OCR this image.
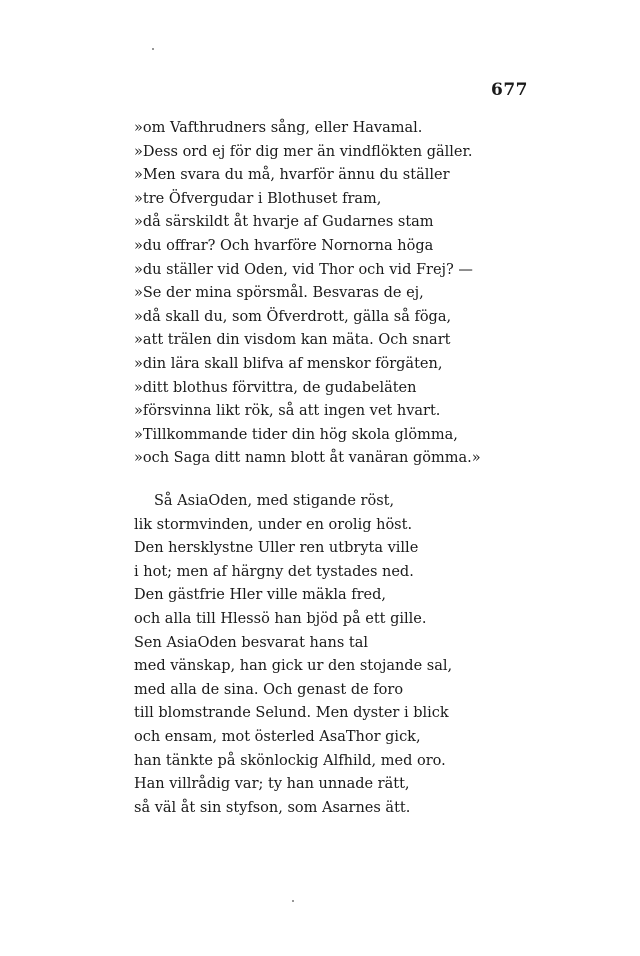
677
»om Vafthrudners sång, eller Havamal.
»Dess ord ej för dig mer än vindflökten gäller.
»Men svara du må, hvarför ännu du ställer
»tre Öfvergudar i Blothuset fram,
»då särskildt åt hvarje af Gudarnes stam
»du offrar? Och hvarföre Nornorna höga
»du ställer vid Oden, vid Thor och vid Frej? —
»Se der mina spörsmål. Besvaras de ej,
»då skall du, som Öfverdrott, gälla så föga,
»att trälen din visdom kan mäta. Och snart
»din lära skall blifva af menskor förgäten,
»ditt blothus förvittra, de gudabeläten
»försvinna likt rök, så att ingen vet hvart.
»Tillkommande tider din hög skola glömma,
»och Saga ditt namn blott åt vanäran gömma.»
Så AsiaOden, med stigande röst,
lik stormvinden, under en orolig höst.
Den hersklystne Uller ren utbryta ville
i hot; men af härgny det tystades ned.
Den gästfrie Hler ville mäkla fred,
och alla till Hlessö han bjöd på ett gille.
Sen AsiaOden besvarat hans tal
med vänskap, han gick ur den stojande sal,
med alla de sina. Och genast de foro
till blomstrande Selund. Men dyster i blick
och ensam, mot österled AsaThor gick,
han tänkte på skönlockig Alfhild, med oro.
Han villrådig var; ty han unnade rätt,
så väl åt sin styfson, som Asarnes ätt.
